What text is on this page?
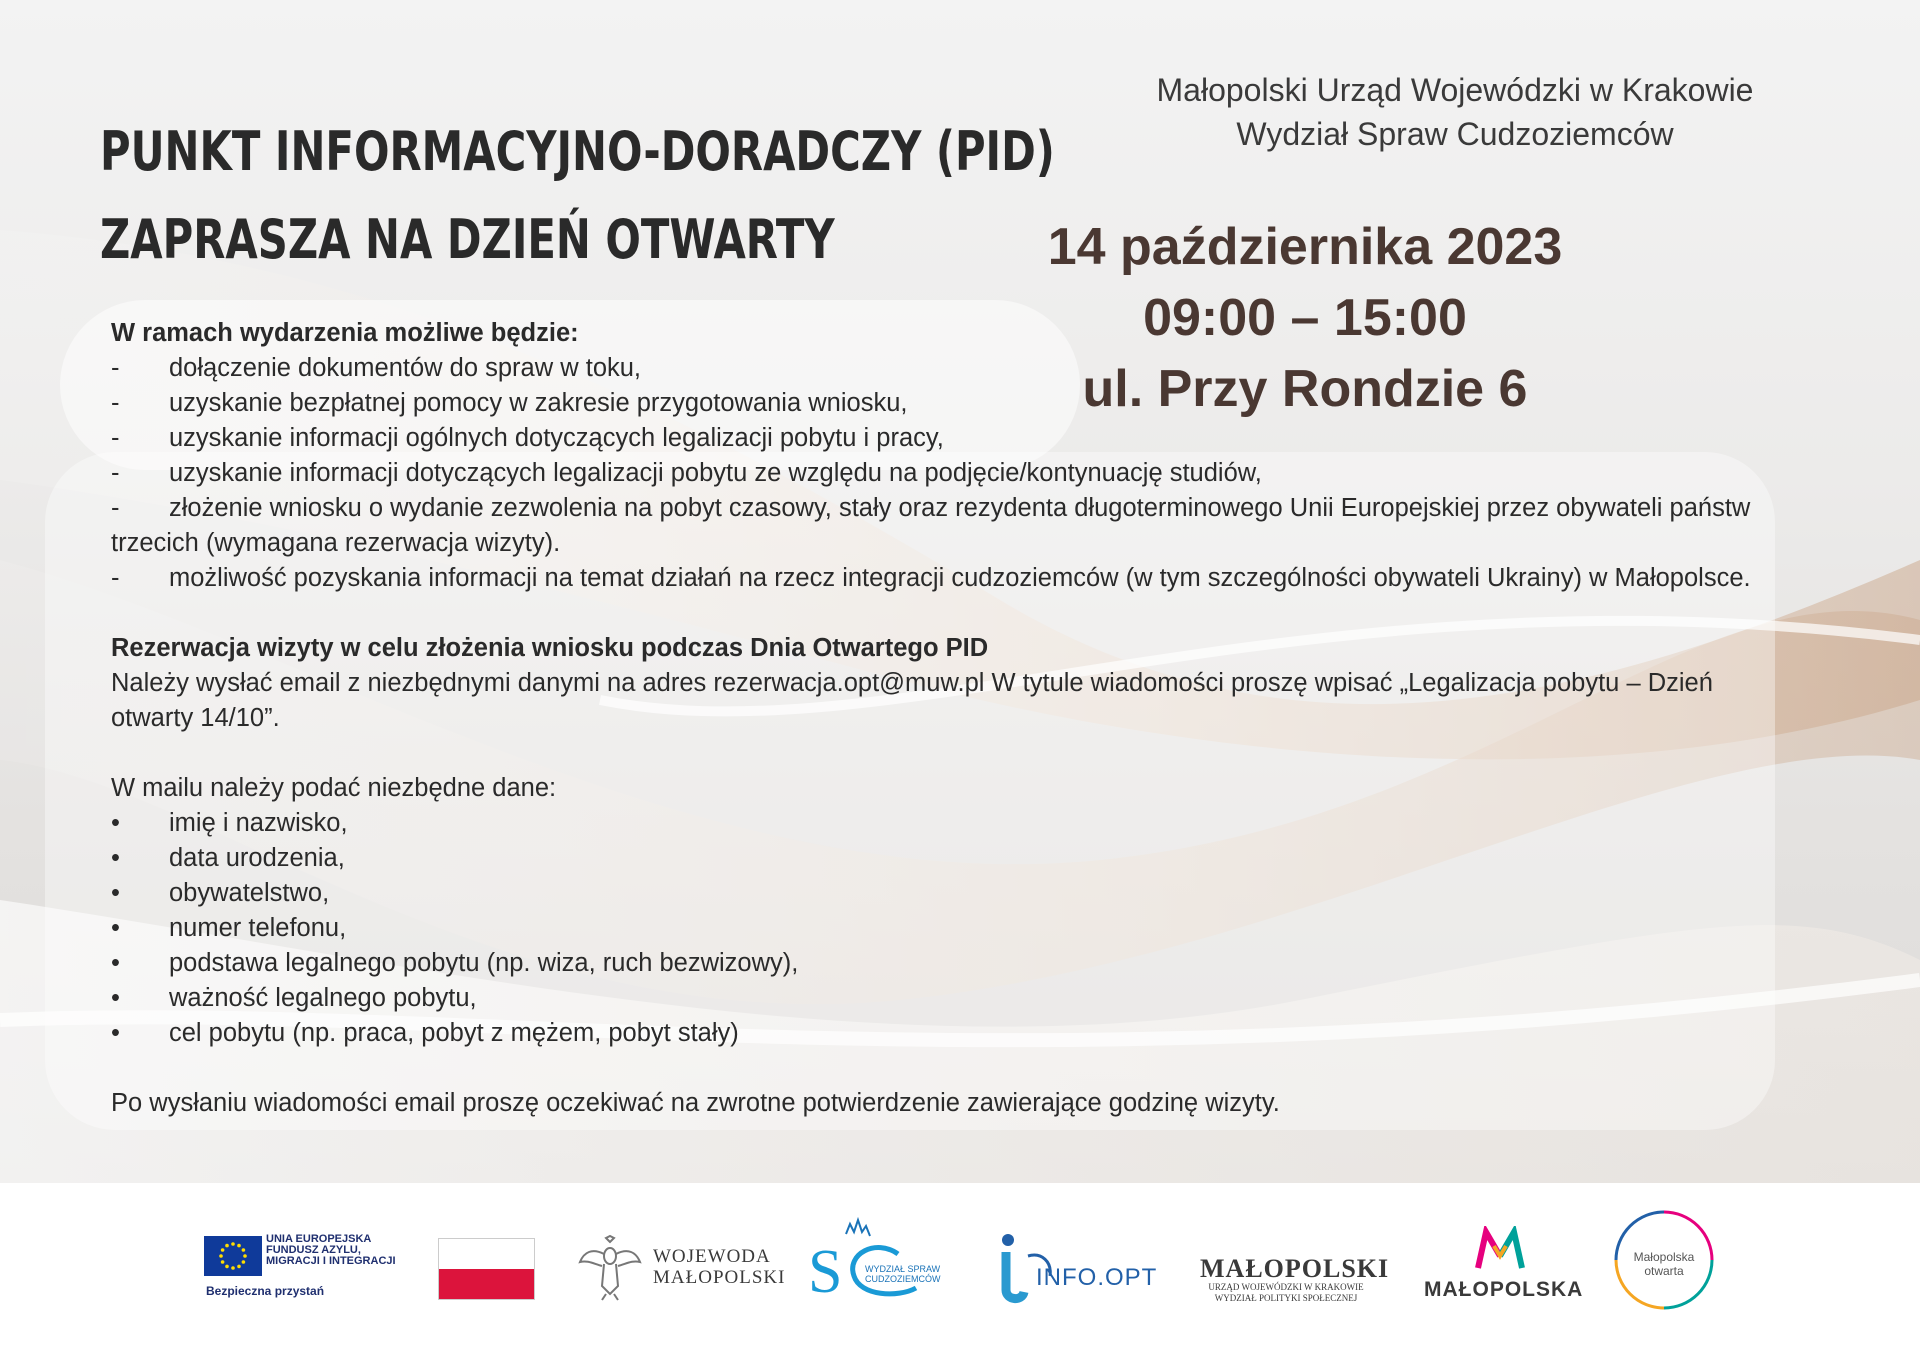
PUNKT INFORMACYJNO-DORADCZY (PID)
ZAPRASZA NA DZIEŃ OTWARTY
Małopolski Urząd Wojewódzki w Krakowie
Wydział Spraw Cudzoziemców
14 października 2023
09:00 – 15:00
ul. Przy Rondzie 6
W ramach wydarzenia możliwe będzie:
- dołączenie dokumentów do spraw w toku,
- uzyskanie bezpłatnej pomocy w zakresie przygotowania wniosku,
- uzyskanie informacji ogólnych dotyczących legalizacji pobytu i pracy,
- uzyskanie informacji dotyczących legalizacji pobytu ze względu na podjęcie/kontynuację studiów,
- złożenie wniosku o wydanie zezwolenia na pobyt czasowy, stały oraz rezydenta długoterminowego Unii Europejskiej przez obywateli państw trzecich (wymagana rezerwacja wizyty).
- możliwość pozyskania informacji na temat działań na rzecz integracji cudzoziemców (w tym szczególności obywateli Ukrainy) w Małopolsce.
Rezerwacja wizyty w celu złożenia wniosku podczas Dnia Otwartego PID
Należy wysłać email z niezbędnymi danymi na adres rezerwacja.opt@muw.pl W tytule wiadomości proszę wpisać „Legalizacja pobytu – Dzień otwarty 14/10”.
W mailu należy podać niezbędne dane:
• imię i nazwisko,
• data urodzenia,
• obywatelstwo,
• numer telefonu,
• podstawa legalnego pobytu (np. wiza, ruch bezwizowy),
• ważność legalnego pobytu,
• cel pobytu (np. praca, pobyt z mężem, pobyt stały)
Po wysłaniu wiadomości email proszę oczekiwać na zwrotne potwierdzenie zawierające godzinę wizyty.
UNIA EUROPEJSKA
FUNDUSZ AZYLU,
MIGRACJI I INTEGRACJI
Bezpieczna przystań
WOJEWODA
MAŁOPOLSKI S	WYDZIAŁ SPRAW
CUDZOZIEMCÓW	INFO.OPT MAŁOPOLSKI
URZĄD WOJEWÓDZKI W KRAKOWIE
WYDZIAŁ POLITYKI SPOŁECZNEJ	MAŁOPOLSKA
Małopolska
otwarta
